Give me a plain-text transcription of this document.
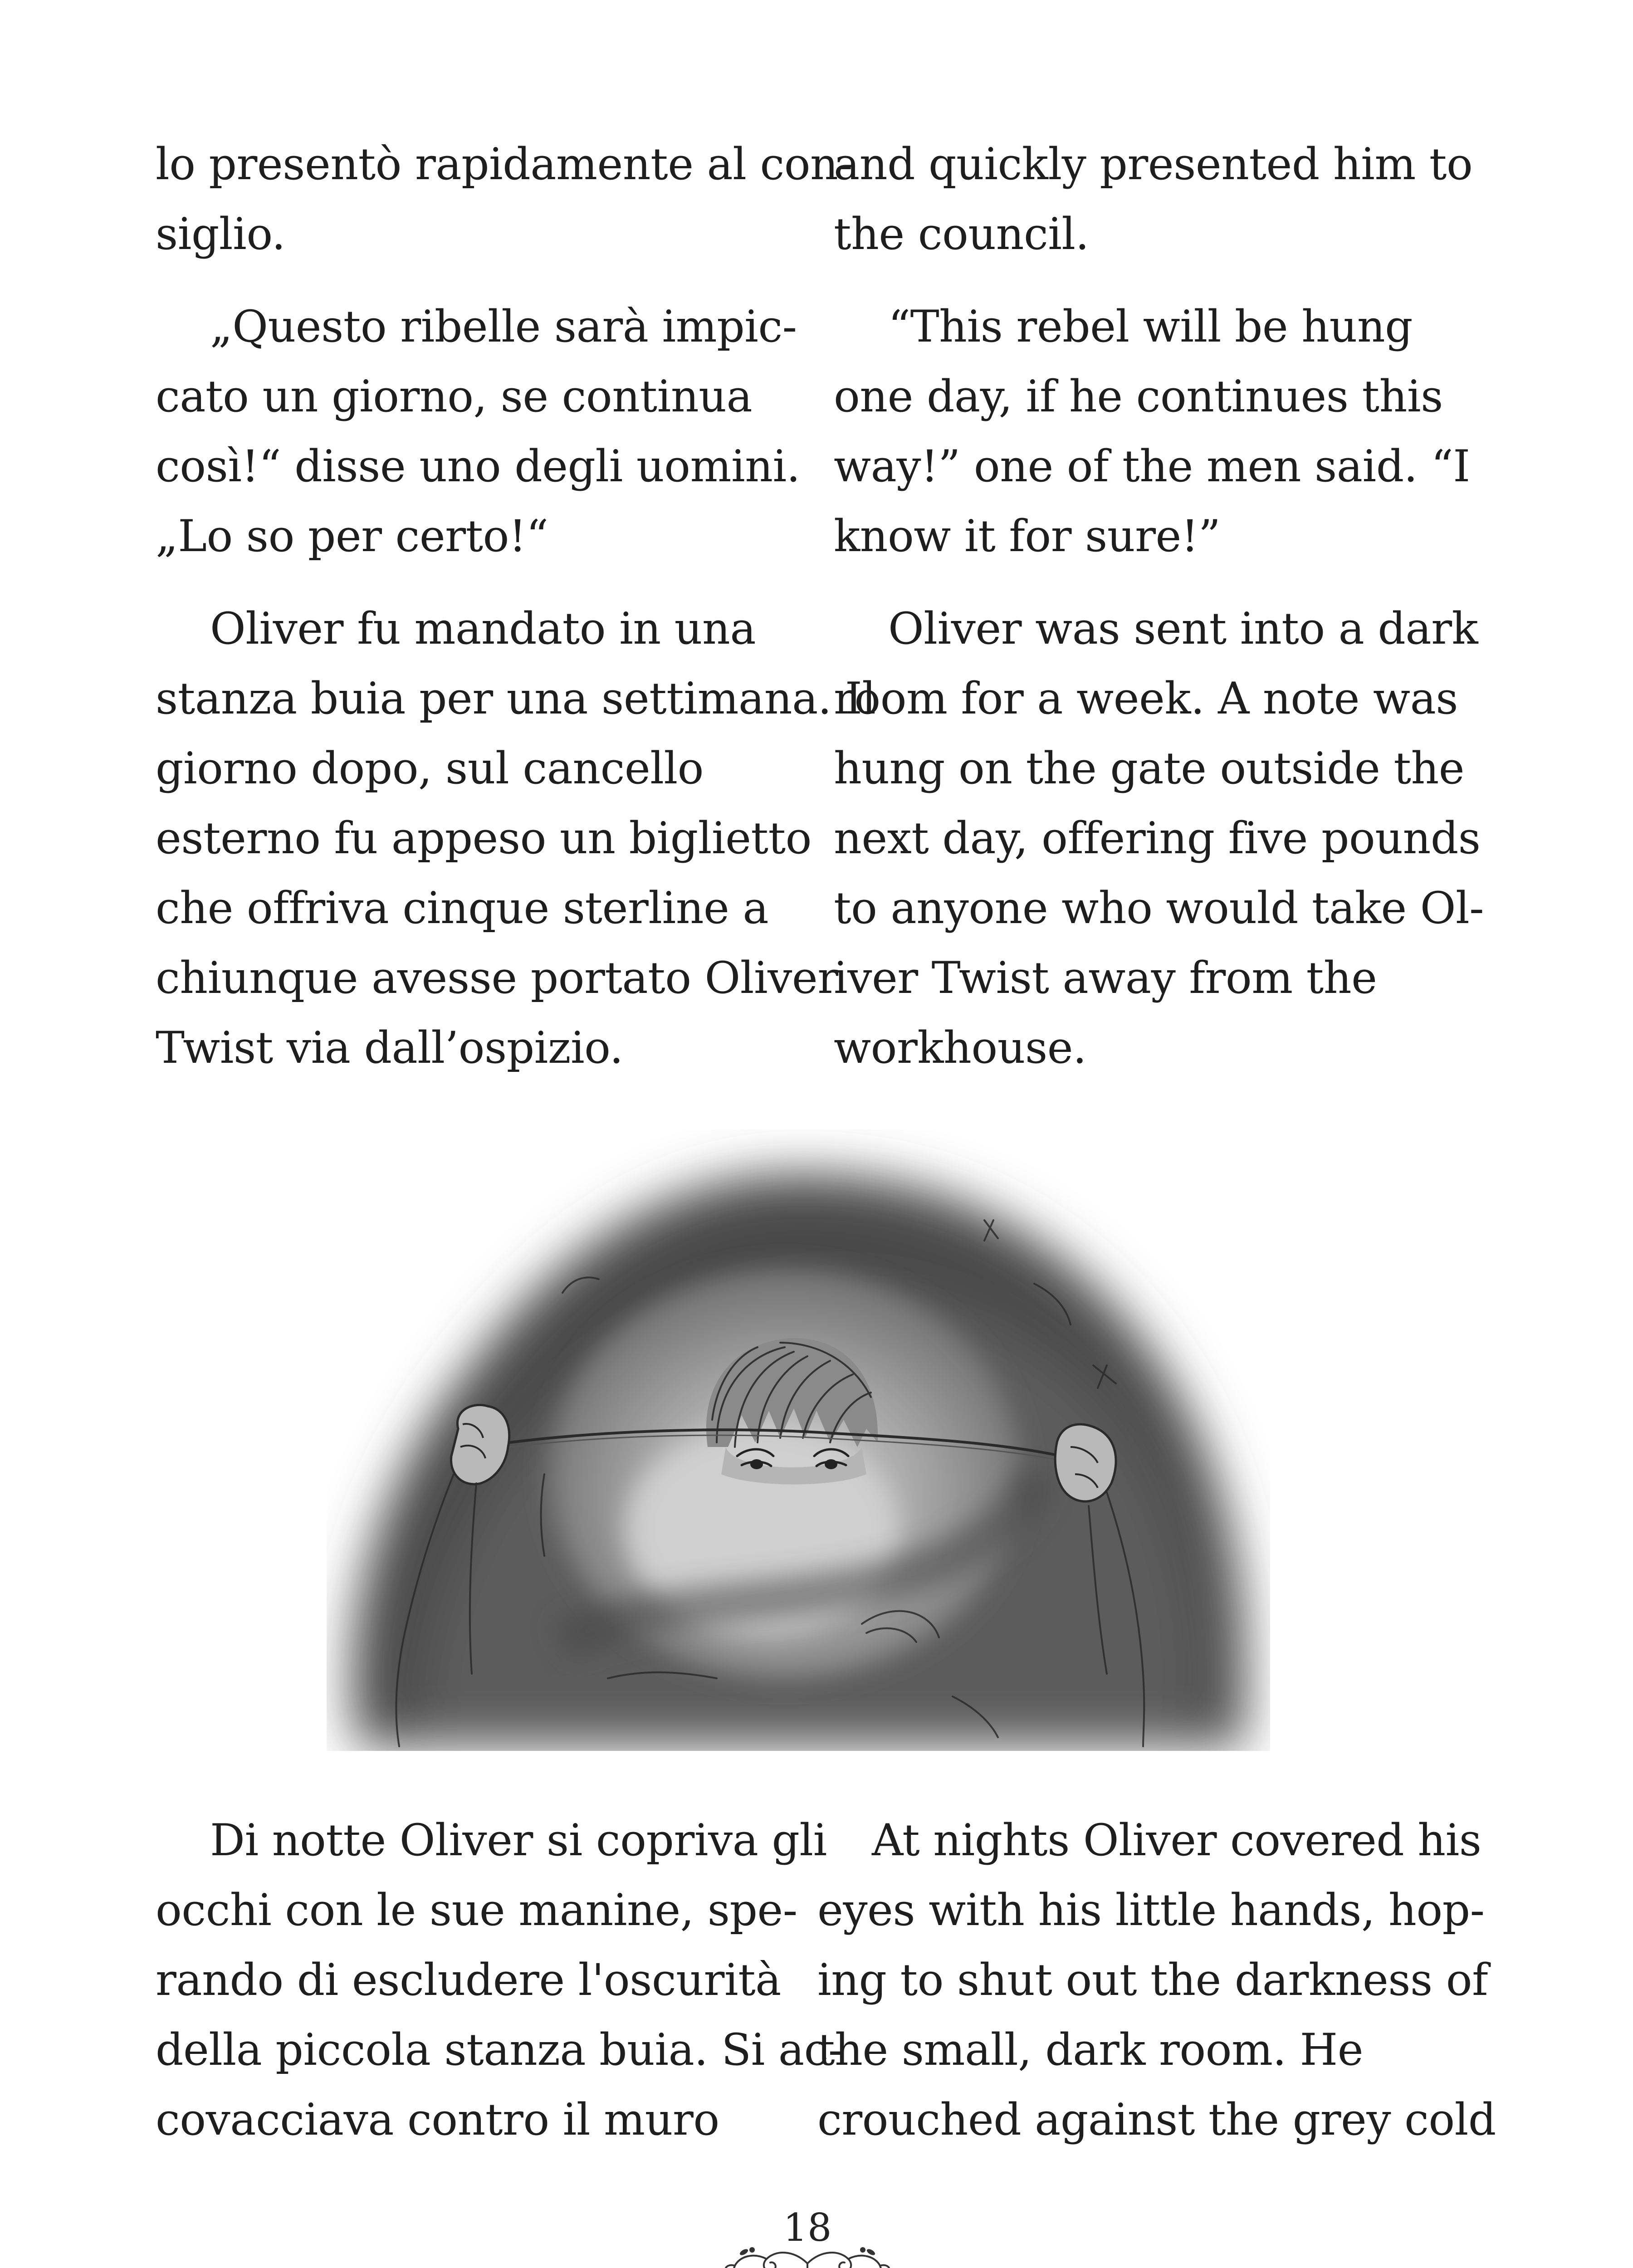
lo presentò rapidamente al con-
siglio.

„Questo ribelle sarà impic-
cato un giorno, se continua
così!“ disse uno degli uomini.
„Lo so per certo!“

Oliver fu mandato in una
stanza buia per una settimana. Il
giorno dopo, sul cancello
esterno fu appeso un biglietto
che offriva cinque sterline a
chiunque avesse portato Oliver
Twist via dall’ospizio.

and quickly presented him to
the council.

“This rebel will be hung
one day, if he continues this
way!” one of the men said. “I
know it for sure!”

Oliver was sent into a dark
room for a week. A note was
hung on the gate outside the
next day, offering five pounds
to anyone who would take Ol-
iver Twist away from the
workhouse.

Di notte Oliver si copriva gli
occhi con le sue manine, spe-
rando di escludere l'oscurità
della piccola stanza buia. Si ac-
covacciava contro il muro

At nights Oliver covered his
eyes with his little hands, hop-
ing to shut out the darkness of
the small, dark room. He
crouched against the grey cold

18
